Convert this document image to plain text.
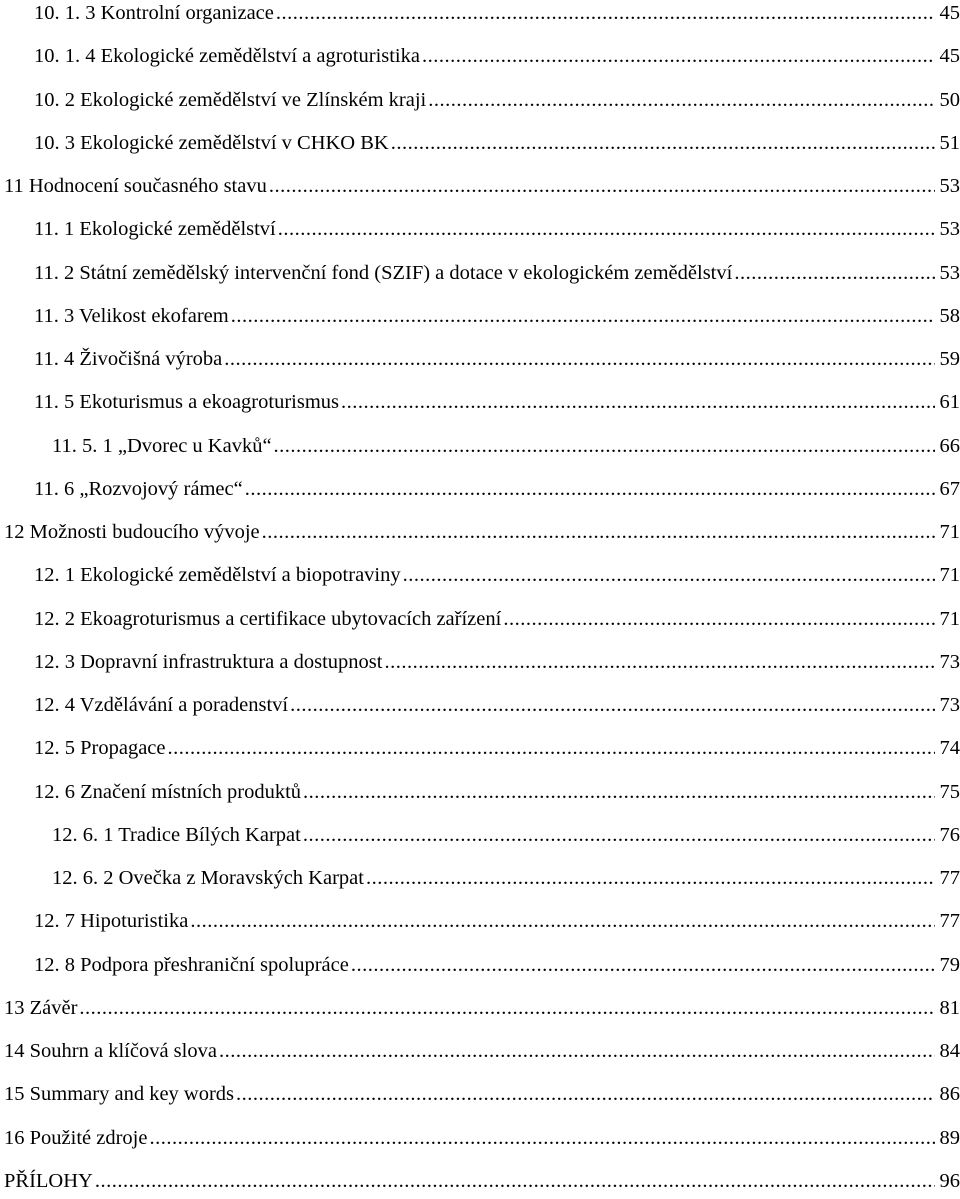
10. 1. 3 Kontrolní organizace .....	45
10. 1. 4 Ekologické zemědělství a agroturistika .....	45
10. 2 Ekologické zemědělství ve Zlínském kraji .....	50
10. 3 Ekologické zemědělství v CHKO BK .....	51
11 Hodnocení současného stavu .....	53
11. 1 Ekologické zemědělství .....	53
11. 2 Státní zemědělský intervenční fond (SZIF) a dotace v ekologickém zemědělství .....	53
11. 3 Velikost ekofarem .....	58
11. 4 Živočišná výroba .....	59
11. 5 Ekoturismus a ekoagroturismus .....	61
11. 5. 1 „Dvorec u Kavků“ .....	66
11. 6 „Rozvojový rámec“ .....	67
12 Možnosti budoucího vývoje .....	71
12. 1 Ekologické zemědělství a biopotraviny .....	71
12. 2 Ekoagroturismus a certifikace ubytovacích zařízení .....	71
12. 3 Dopravní infrastruktura a dostupnost .....	73
12. 4 Vzdělávání a poradenství .....	73
12. 5 Propagace .....	74
12. 6 Značení místních produktů .....	75
12. 6. 1 Tradice Bílých Karpat .....	76
12. 6. 2 Ovečka z Moravských Karpat .....	77
12. 7 Hipoturistika .....	77
12. 8 Podpora přeshraniční spolupráce .....	79
13 Závěr .....	81
14 Souhrn a klíčová slova .....	84
15 Summary and key words .....	86
16 Použité zdroje .....	89
PŘÍLOHY .....	96
